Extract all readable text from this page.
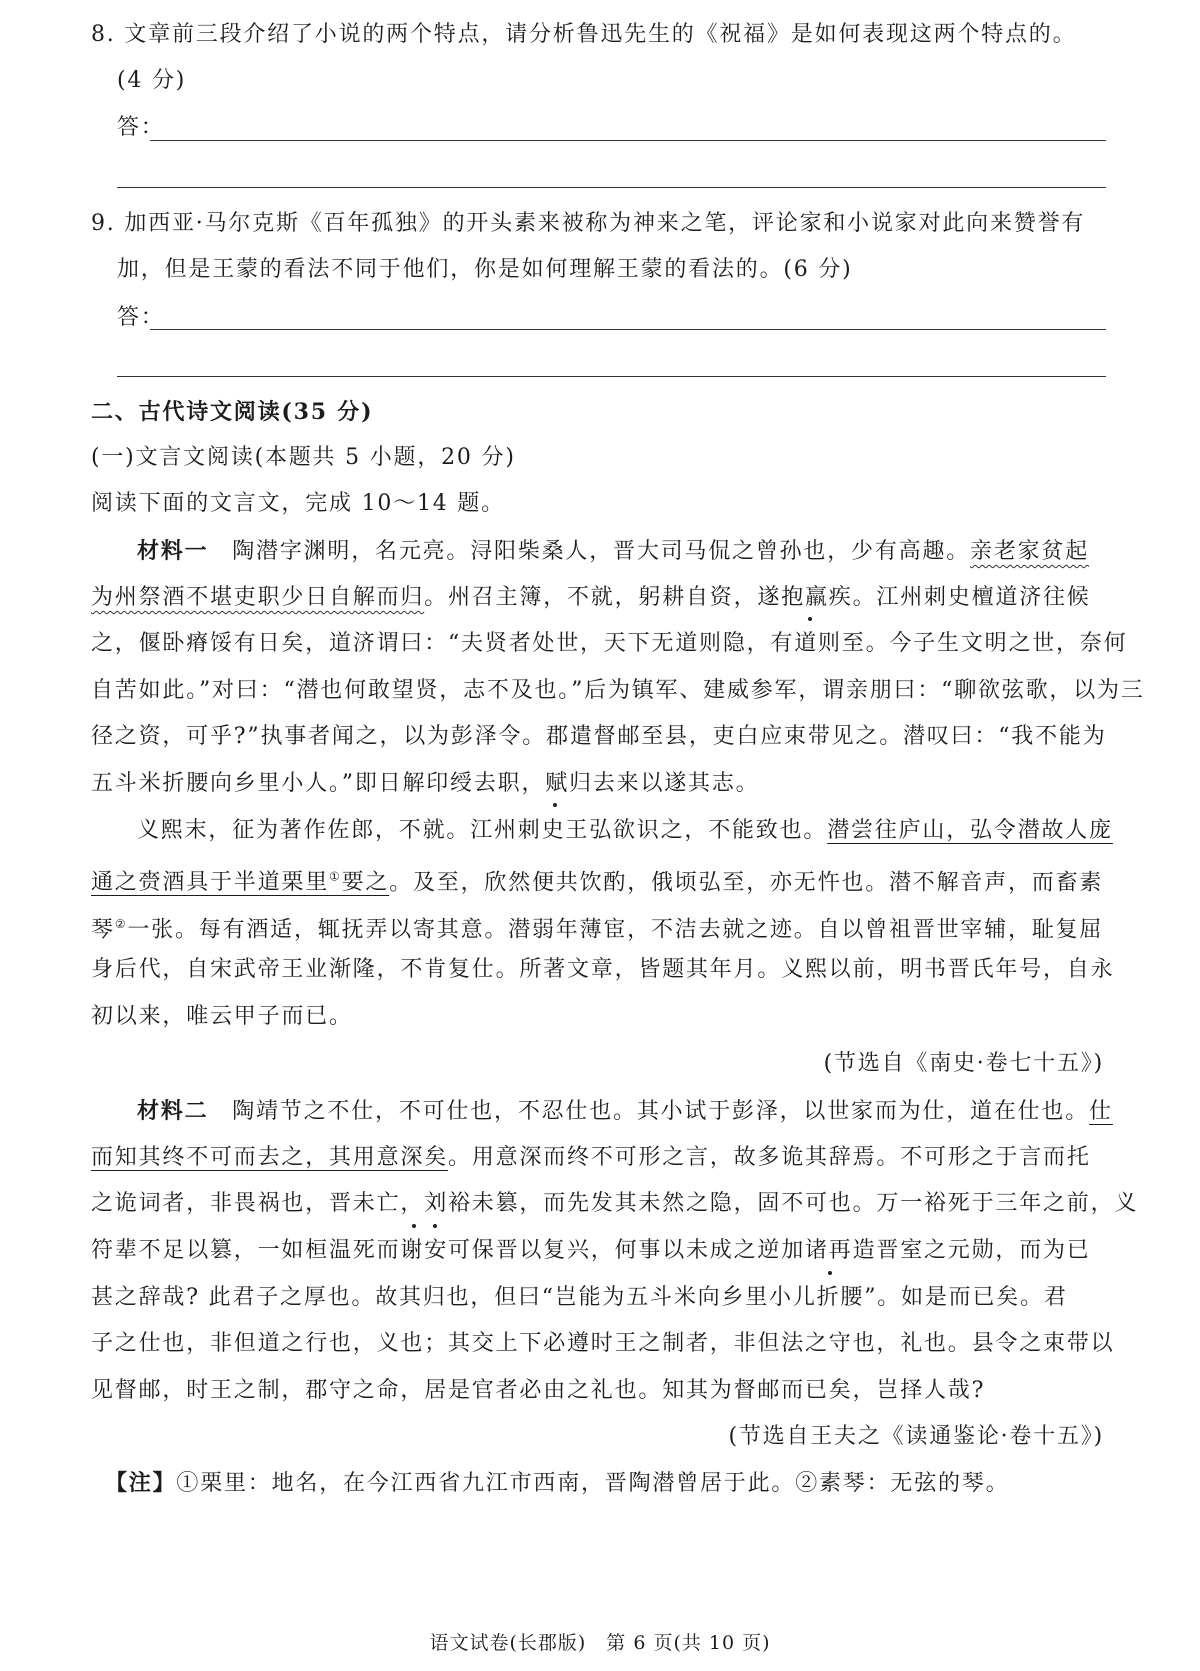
8. 文章前三段介绍了小说的两个特点，请分析鲁迅先生的《祝福》是如何表现这两个特点的。
(4 分)
答：
9. 加西亚·马尔克斯《百年孤独》的开头素来被称为神来之笔，评论家和小说家对此向来赞誉有
加，但是王蒙的看法不同于他们，你是如何理解王蒙的看法的。(6 分)
答：
二、古代诗文阅读(35 分)
(一)文言文阅读(本题共 5 小题，20 分)
阅读下面的文言文，完成 10～14 题。
材料一　 陶潜字渊明，名元亮。浔阳柴桑人，晋大司马侃之曾孙也，少有高趣。亲老家贫起
为州祭酒不堪吏职少日自解而归。州召主簿，不就，躬耕自资，遂抱羸疾。江州刺史檀道济往候
之，偃卧瘠馁有日矣，道济谓曰：“夫贤者处世，天下无道则隐，有道则至。今子生文明之世，奈何
自苦如此。”对曰：“潜也何敢望贤，志不及也。”后为镇军、建威参军，谓亲朋曰：“聊欲弦歌，以为三
径之资，可乎?”执事者闻之，以为彭泽令。郡遣督邮至县，吏白应束带见之。潜叹曰：“我不能为
五斗米折腰向乡里小人。”即日解印绶去职，赋归去来以遂其志。
义熙末，征为著作佐郎，不就。江州刺史王弘欲识之，不能致也。潜尝往庐山，弘令潜故人庞
通之赍酒具于半道栗里①要之。及至，欣然便共饮酌，俄顷弘至，亦无忤也。潜不解音声，而畜素
琴②一张。每有酒适，辄抚弄以寄其意。潜弱年薄宦，不洁去就之迹。自以曾祖晋世宰辅，耻复屈
身后代，自宋武帝王业渐隆，不肯复仕。所著文章，皆题其年月。义熙以前，明书晋氏年号，自永
初以来，唯云甲子而已。
(节选自《南史·卷七十五》)
材料二　 陶靖节之不仕，不可仕也，不忍仕也。其小试于彭泽，以世家而为仕，道在仕也。仕
而知其终不可而去之，其用意深矣。用意深而终不可形之言，故多诡其辞焉。不可形之于言而托
之诡词者，非畏祸也，晋未亡，刘裕未篡，而先发其未然之隐，固不可也。万一裕死于三年之前，义
符辈不足以篡，一如桓温死而谢安可保晋以复兴，何事以未成之逆加诸再造晋室之元勋，而为已
甚之辞哉? 此君子之厚也。故其归也，但曰“岂能为五斗米向乡里小儿折腰”。如是而已矣。君
子之仕也，非但道之行也，义也；其交上下必遵时王之制者，非但法之守也，礼也。县令之束带以
见督邮，时王之制，郡守之命，居是官者必由之礼也。知其为督邮而已矣，岂择人哉?
(节选自王夫之《读通鉴论·卷十五》)
【注】①栗里：地名，在今江西省九江市西南，晋陶潜曾居于此。②素琴：无弦的琴。
语文试卷(长郡版)　第 6 页(共 10 页)
